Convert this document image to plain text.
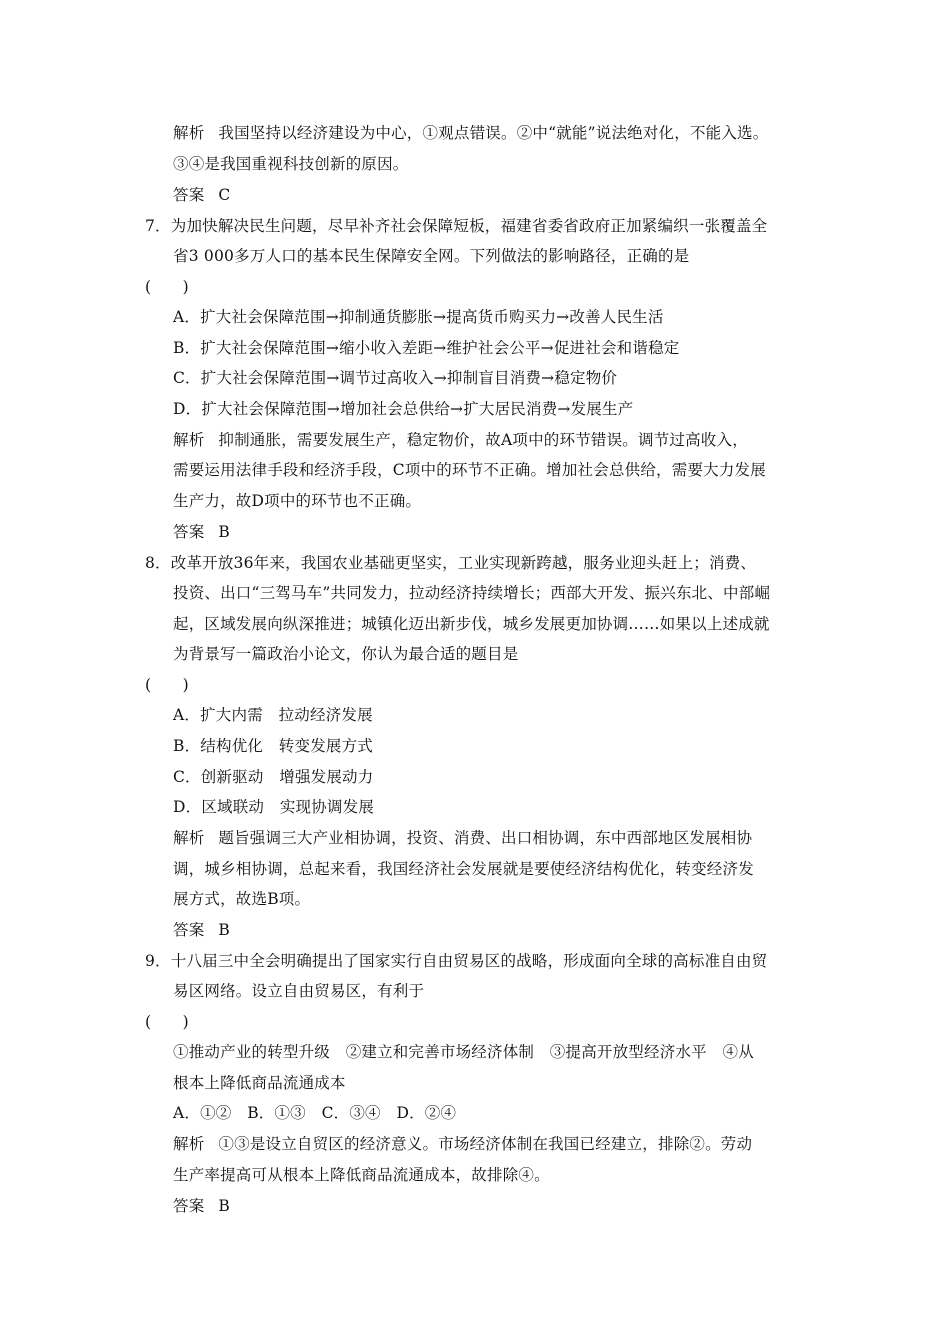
解析 我国坚持以经济建设为中心，①观点错误。②中“就能”说法绝对化，不能入选。
③④是我国重视科技创新的原因。
答案 C
7．为加快解决民生问题，尽早补齐社会保障短板，福建省委省政府正加紧编织一张覆盖全
省3 000多万人口的基本民生保障安全网。下列做法的影响路径，正确的是
(　　)
A．扩大社会保障范围→抑制通货膨胀→提高货币购买力→改善人民生活
B．扩大社会保障范围→缩小收入差距→维护社会公平→促进社会和谐稳定
C．扩大社会保障范围→调节过高收入→抑制盲目消费→稳定物价
D．扩大社会保障范围→增加社会总供给→扩大居民消费→发展生产
解析 抑制通胀，需要发展生产，稳定物价，故A项中的环节错误。调节过高收入，
需要运用法律手段和经济手段，C项中的环节不正确。增加社会总供给，需要大力发展
生产力，故D项中的环节也不正确。
答案 B
8．改革开放36年来，我国农业基础更坚实，工业实现新跨越，服务业迎头赶上；消费、
投资、出口“三驾马车”共同发力，拉动经济持续增长；西部大开发、振兴东北、中部崛
起，区域发展向纵深推进；城镇化迈出新步伐，城乡发展更加协调……如果以上述成就
为背景写一篇政治小论文，你认为最合适的题目是
(　　)
A．扩大内需　拉动经济发展
B．结构优化　转变发展方式
C．创新驱动　增强发展动力
D．区域联动　实现协调发展
解析 题旨强调三大产业相协调，投资、消费、出口相协调，东中西部地区发展相协
调，城乡相协调，总起来看，我国经济社会发展就是要使经济结构优化，转变经济发
展方式，故选B项。
答案 B
9．十八届三中全会明确提出了国家实行自由贸易区的战略，形成面向全球的高标准自由贸
易区网络。设立自由贸易区，有利于
(　　)
①推动产业的转型升级　②建立和完善市场经济体制　③提高开放型经济水平　④从
根本上降低商品流通成本
A．①②　B．①③　C．③④　D．②④
解析 ①③是设立自贸区的经济意义。市场经济体制在我国已经建立，排除②。劳动
生产率提高可从根本上降低商品流通成本，故排除④。
答案 B
